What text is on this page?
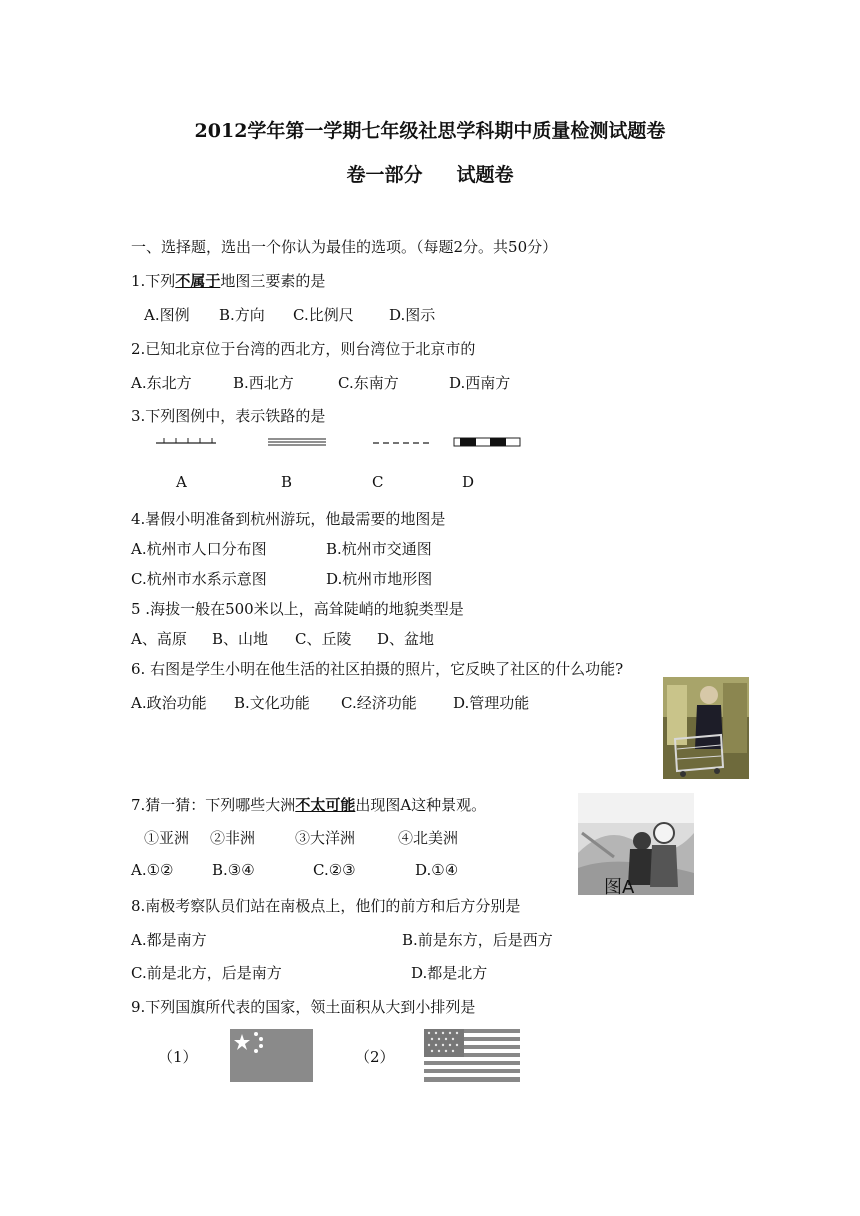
2012学年第一学期七年级社思学科期中质量检测试题卷
卷一部分 试题卷
一、选择题，选出一个你认为最佳的选项。（每题2分。共50分）
1.下列不属于地图三要素的是
A.图例 B.方向 C.比例尺 D.图示
2.已知北京位于台湾的西北方，则台湾位于北京市的
A.东北方	B.西北方	C.东南方	D.西南方
3.下列图例中，表示铁路的是
A	B	C	D
4.暑假小明准备到杭州游玩，他最需要的地图是
A.杭州市人口分布图	B.杭州市交通图
C.杭州市水系示意图	D.杭州市地形图
5 .海拔一般在500米以上，高耸陡峭的地貌类型是
A、高原 B、山地 C、丘陵 D、盆地
6. 右图是学生小明在他生活的社区拍摄的照片，它反映了社区的什么功能?
A.政治功能 B.文化功能 C.经济功能 D.管理功能
7.猜一猜：下列哪些大洲不太可能出现图A这种景观。
①亚洲 ②非洲	③大洋洲	④北美洲
A.①②	B.③④	C.②③	D.①④
图A
8.南极考察队员们站在南极点上，他们的前方和后方分别是
A.都是南方	B.前是东方，后是西方
C.前是北方，后是南方	D.都是北方
9.下列国旗所代表的国家，领土面积从大到小排列是
（1）	（2）
